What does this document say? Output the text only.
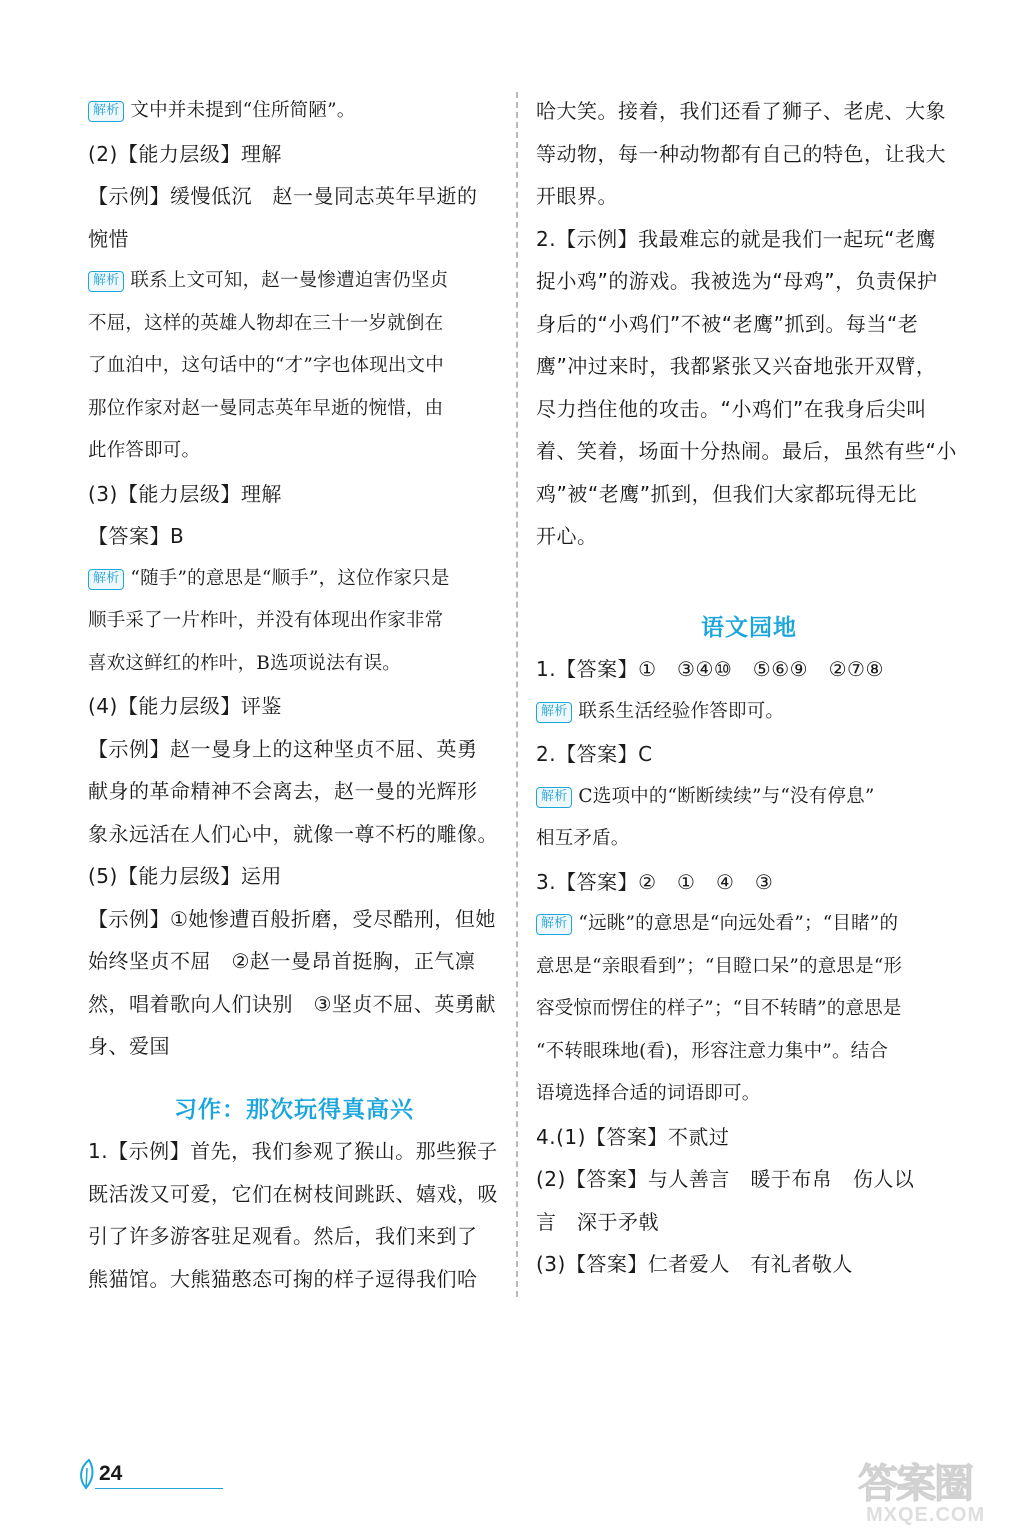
解析 文中并未提到“住所简陋”。
(2)【能力层级】理解
【示例】缓慢低沉　赵一曼同志英年早逝的
惋惜
解析 联系上文可知，赵一曼惨遭迫害仍坚贞
不屈，这样的英雄人物却在三十一岁就倒在
了血泊中，这句话中的“才”字也体现出文中
那位作家对赵一曼同志英年早逝的惋惜，由
此作答即可。
(3)【能力层级】理解
【答案】B
解析 “随手”的意思是“顺手”，这位作家只是
顺手采了一片柞叶，并没有体现出作家非常
喜欢这鲜红的柞叶，B选项说法有误。
(4)【能力层级】评鉴
【示例】赵一曼身上的这种坚贞不屈、英勇
献身的革命精神不会离去，赵一曼的光辉形
象永远活在人们心中，就像一尊不朽的雕像。
(5)【能力层级】运用
【示例】①她惨遭百般折磨，受尽酷刑，但她
始终坚贞不屈　②赵一曼昂首挺胸，正气凛
然，唱着歌向人们诀别　③坚贞不屈、英勇献
身、爱国
习作：那次玩得真高兴
1.【示例】首先，我们参观了猴山。那些猴子
既活泼又可爱，它们在树枝间跳跃、嬉戏，吸
引了许多游客驻足观看。然后，我们来到了
熊猫馆。大熊猫憨态可掬的样子逗得我们哈
哈大笑。接着，我们还看了狮子、老虎、大象
等动物，每一种动物都有自己的特色，让我大
开眼界。
2.【示例】我最难忘的就是我们一起玩“老鹰
捉小鸡”的游戏。我被选为“母鸡”，负责保护
身后的“小鸡们”不被“老鹰”抓到。每当“老
鹰”冲过来时，我都紧张又兴奋地张开双臂，
尽力挡住他的攻击。“小鸡们”在我身后尖叫
着、笑着，场面十分热闹。最后，虽然有些“小
鸡”被“老鹰”抓到，但我们大家都玩得无比
开心。
语文园地
1.【答案】①　③④⑩　⑤⑥⑨　②⑦⑧
解析 联系生活经验作答即可。
2.【答案】C
解析 C选项中的“断断续续”与“没有停息”
相互矛盾。
3.【答案】②　①　④　③
解析 “远眺”的意思是“向远处看”；“目睹”的
意思是“亲眼看到”；“目瞪口呆”的意思是“形
容受惊而愣住的样子”；“目不转睛”的意思是
“不转眼珠地(看)，形容注意力集中”。结合
语境选择合适的词语即可。
4.(1)【答案】不贰过
(2)【答案】与人善言　暖于布帛　伤人以
言　深于矛戟
(3)【答案】仁者爱人　有礼者敬人
24	答案圈
MXQE.COM
